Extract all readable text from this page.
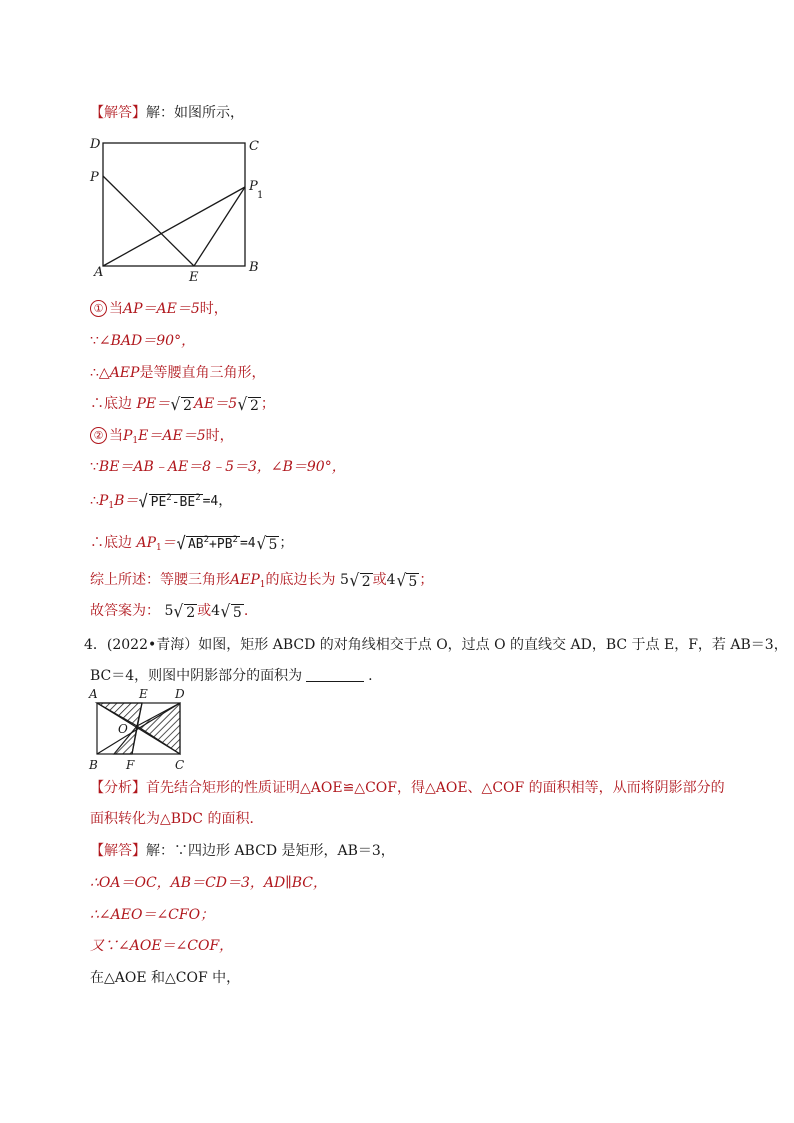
【解答】解：如图所示，
D	C
P
P
1
A	E
B
① 当AP＝AE＝5时，
∵∠BAD＝90°，
∴△AEP是等腰直角三角形，
∴底边 PE＝ √ 2 AE＝5 √ 2 ；
② 当$P_1E=AE=5$时，
∵BE＝AB﹣AE＝8﹣5＝3，∠B＝90°，
$\therefore P_1B=$ √ $PE^2-BE^2 =4$，
∴底边 $AP_1=$ √ $AB^2+PB^2 =4$ √ 5 ；
综上所述：等腰三角形$AEP_1$的底边长为 5 √ 2 或4 √ 5 ；
故答案为： 5 √ 2 或4 √ 5 .
4．(2022•青海）如图，矩形 ABCD 的对角线相交于点 O，过点 O 的直线交 AD，BC 于点 E，F，若 AB＝3，
BC＝4，则图中阴影部分的面积为	.
A	E D
O
B F	C
【分析】首先结合矩形的性质证明△AOE≌△COF，得△AOE、△COF 的面积相等，从而将阴影部分的
面积转化为△BDC 的面积．
【解答】解：∵四边形 ABCD 是矩形，AB＝3，
∴OA＝OC，AB＝CD＝3，AD∥BC，
∴∠AEO＝∠CFO；
又∵∠AOE＝∠COF，
在△AOE 和△COF 中，
